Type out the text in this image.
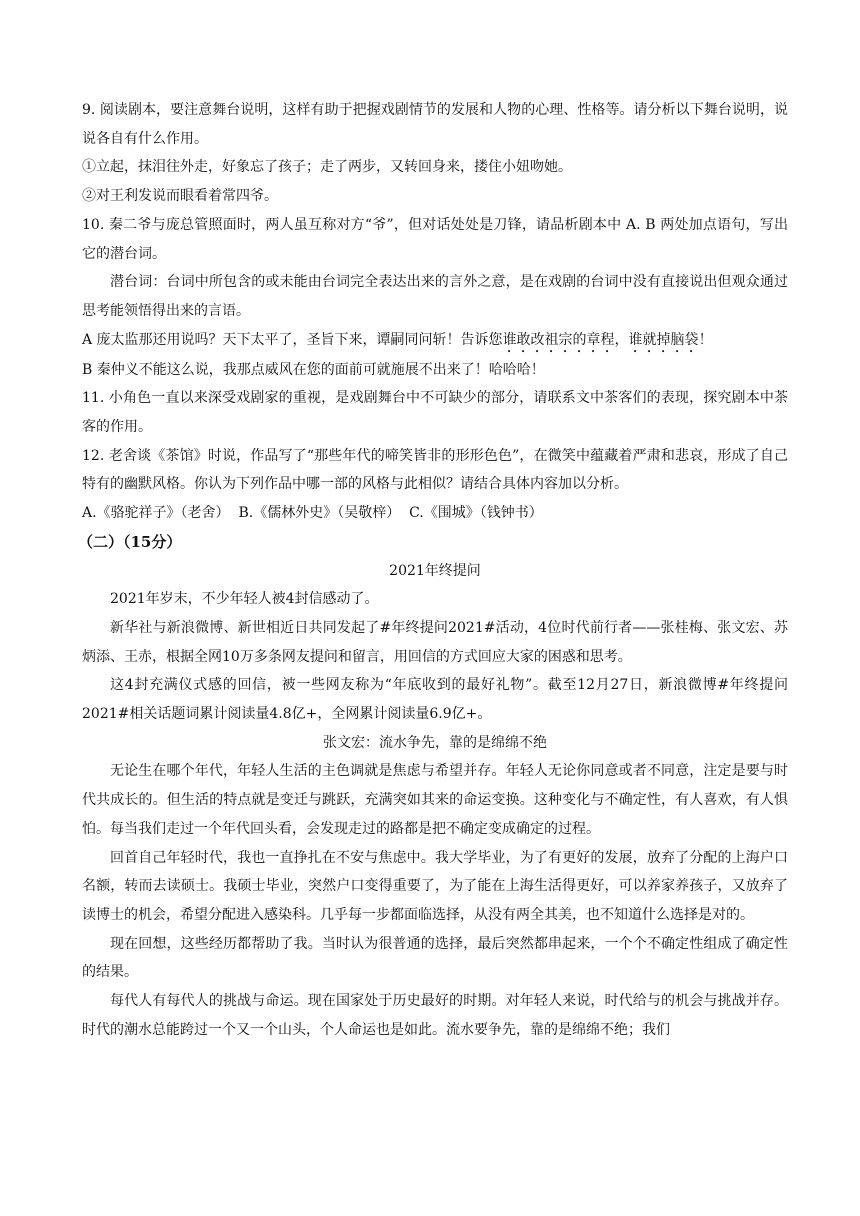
9. 阅读剧本，要注意舞台说明，这样有助于把握戏剧情节的发展和人物的心理、性格等。请分析以下舞台说明，说说各自有什么作用。

①立起，抹泪往外走，好象忘了孩子；走了两步，又转回身来，搂住小妞吻她。

②对王利发说而眼看着常四爷。

10. 秦二爷与庞总管照面时，两人虽互称对方“爷”，但对话处处是刀锋，请品析剧本中 A. B 两处加点语句，写出它的潜台词。

潜台词：台词中所包含的或未能由台词完全表达出来的言外之意，是在戏剧的台词中没有直接说出但观众通过思考能领悟得出来的言语。

A 庞太监那还用说吗？天下太平了，圣旨下来，谭嗣同问斩！告诉您谁敢改祖宗的章程，谁就掉脑袋！

B 秦仲义不能这么说，我那点威风在您的面前可就施展不出来了！哈哈哈！

11. 小角色一直以来深受戏剧家的重视，是戏剧舞台中不可缺少的部分，请联系文中茶客们的表现，探究剧本中茶客的作用。

12. 老舍谈《茶馆》时说，作品写了“那些年代的啼笑皆非的形形色色”，在微笑中蕴藏着严肃和悲哀，形成了自己特有的幽默风格。你认为下列作品中哪一部的风格与此相似？请结合具体内容加以分析。

A.《骆驼祥子》（老舍）  B.《儒林外史》（吴敬梓）  C.《围城》（钱钟书）

（二）（15分）

2021年终提问

2021年岁末，不少年轻人被4封信感动了。

新华社与新浪微博、新世相近日共同发起了#年终提问2021#活动，4位时代前行者——张桂梅、张文宏、苏炳添、王赤，根据全网10万多条网友提问和留言，用回信的方式回应大家的困惑和思考。

这4封充满仪式感的回信，被一些网友称为“年底收到的最好礼物”。截至12月27日，新浪微博#年终提问2021#相关话题词累计阅读量4.8亿+，全网累计阅读量6.9亿+。

张文宏：流水争先，靠的是绵绵不绝

无论生在哪个年代，年轻人生活的主色调就是焦虑与希望并存。年轻人无论你同意或者不同意，注定是要与时代共成长的。但生活的特点就是变迁与跳跃，充满突如其来的命运变换。这种变化与不确定性，有人喜欢，有人惧怕。每当我们走过一个年代回头看，会发现走过的路都是把不确定变成确定的过程。

回首自己年轻时代，我也一直挣扎在不安与焦虑中。我大学毕业，为了有更好的发展，放弃了分配的上海户口名额，转而去读硕士。我硕士毕业，突然户口变得重要了，为了能在上海生活得更好，可以养家养孩子，又放弃了读博士的机会，希望分配进入感染科。几乎每一步都面临选择，从没有两全其美，也不知道什么选择是对的。

现在回想，这些经历都帮助了我。当时认为很普通的选择，最后突然都串起来，一个个不确定性组成了确定性的结果。

每代人有每代人的挑战与命运。现在国家处于历史最好的时期。对年轻人来说，时代给与的机会与挑战并存。时代的潮水总能跨过一个又一个山头，个人命运也是如此。流水要争先，靠的是绵绵不绝；我们
